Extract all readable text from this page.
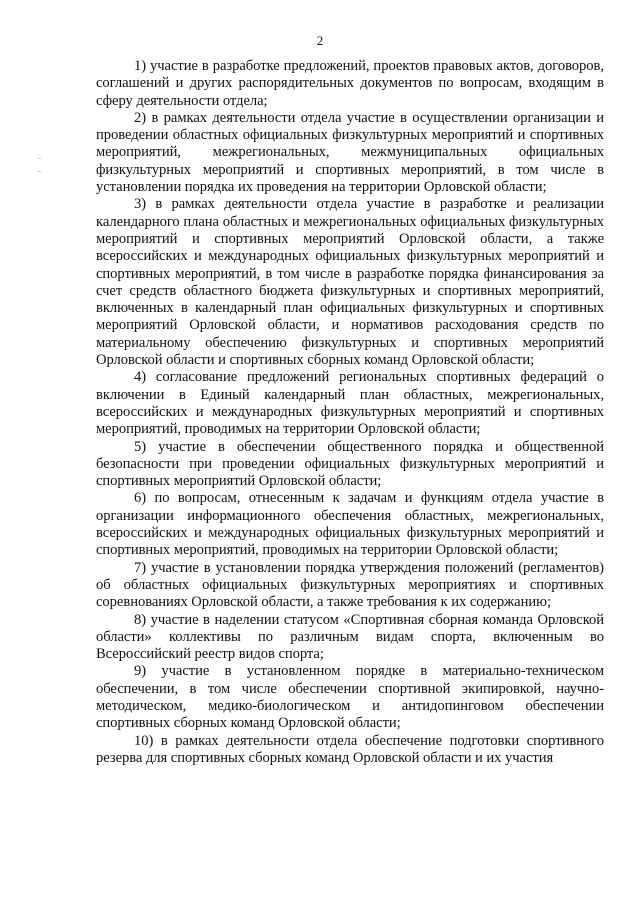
2

1) участие в разработке предложений, проектов правовых актов, договоров, соглашений и других распорядительных документов по вопросам, входящим в сферу деятельности отдела;

2) в рамках деятельности отдела участие в осуществлении организации и проведении областных официальных физкультурных мероприятий и спортивных мероприятий, межрегиональных, межмуниципальных официальных физкультурных мероприятий и спортивных мероприятий, в том числе в установлении порядка их проведения на территории Орловской области;

3) в рамках деятельности отдела участие в разработке и реализации календарного плана областных и межрегиональных официальных физкультурных мероприятий и спортивных мероприятий Орловской области, а также всероссийских и международных официальных физкультурных мероприятий и спортивных мероприятий, в том числе в разработке порядка финансирования за счет средств областного бюджета физкультурных и спортивных мероприятий, включенных в календарный план официальных физкультурных и спортивных мероприятий Орловской области, и нормативов расходования средств по материальному обеспечению физкультурных и спортивных мероприятий Орловской области и спортивных сборных команд Орловской области;

4) согласование предложений региональных спортивных федераций о включении в Единый календарный план областных, межрегиональных, всероссийских и международных физкультурных мероприятий и спортивных мероприятий, проводимых на территории Орловской области;

5) участие в обеспечении общественного порядка и общественной безопасности при проведении официальных физкультурных мероприятий и спортивных мероприятий Орловской области;

6) по вопросам, отнесенным к задачам и функциям отдела участие в организации информационного обеспечения областных, межрегиональных, всероссийских и международных официальных физкультурных мероприятий и спортивных мероприятий, проводимых на территории Орловской области;

7) участие в установлении порядка утверждения положений (регламентов) об областных официальных физкультурных мероприятиях и спортивных соревнованиях Орловской области, а также требования к их содержанию;

8) участие в наделении статусом «Спортивная сборная команда Орловской области» коллективы по различным видам спорта, включенным во Всероссийский реестр видов спорта;

9) участие в установленном порядке в материально-техническом обеспечении, в том числе обеспечении спортивной экипировкой, научно-методическом, медико-биологическом и антидопинговом обеспечении спортивных сборных команд Орловской области;

10) в рамках деятельности отдела обеспечение подготовки спортивного резерва для спортивных сборных команд Орловской области и их участия
